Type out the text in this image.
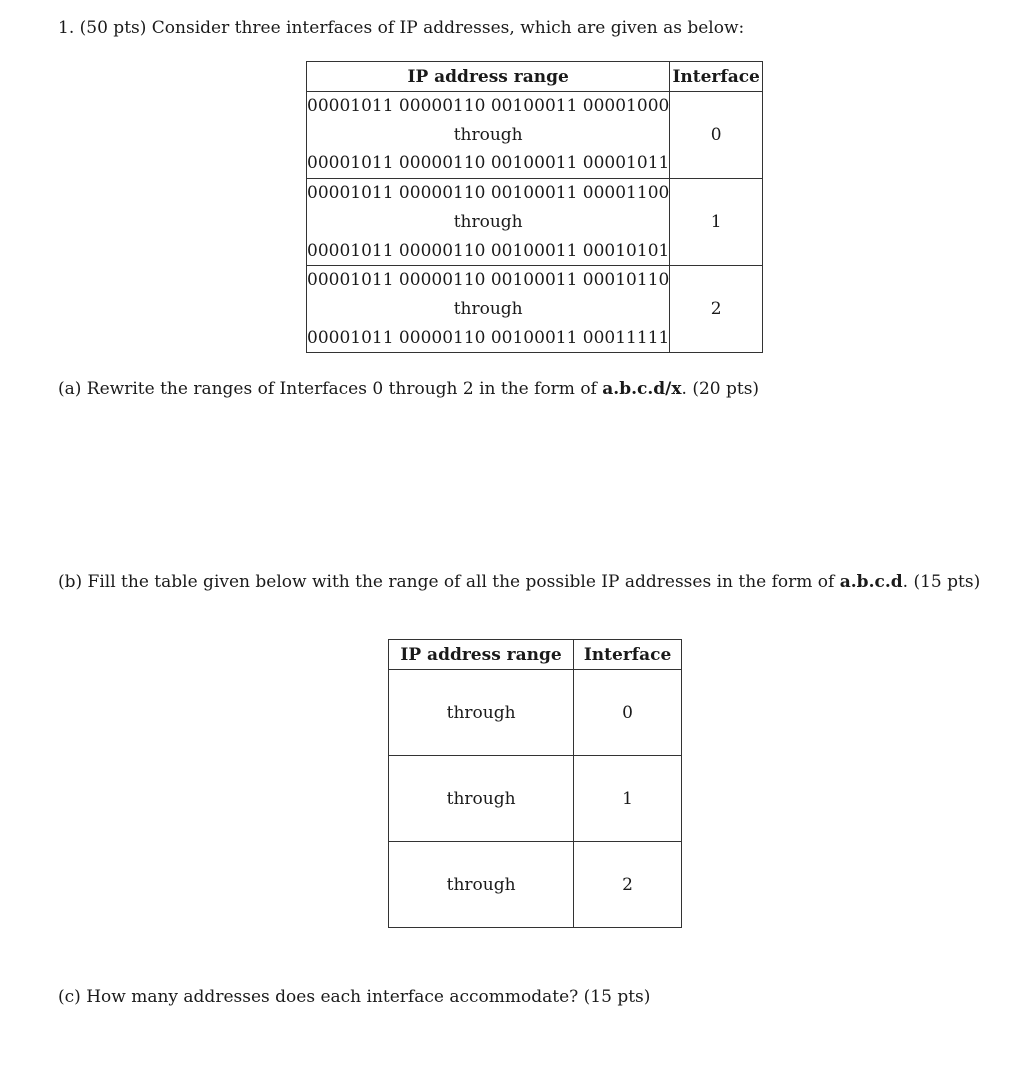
1. (50 pts) Consider three interfaces of IP addresses, which are given as below:
IP address range	Interface

00001011 00000110 00100011 00001000
through
00001011 00000110 00100011 00001011	0

00001011 00000110 00100011 00001100
through
00001011 00000110 00100011 00010101	1

00001011 00000110 00100011 00010110
through
00001011 00000110 00100011 00011111	2
(a) Rewrite the ranges of Interfaces 0 through 2 in the form of a.b.c.d/x. (20 pts)
(b) Fill the table given below with the range of all the possible IP addresses in the form of a.b.c.d. (15 pts)
IP address range	Interface
through	0
through	1
through	2
(c) How many addresses does each interface accommodate? (15 pts)
